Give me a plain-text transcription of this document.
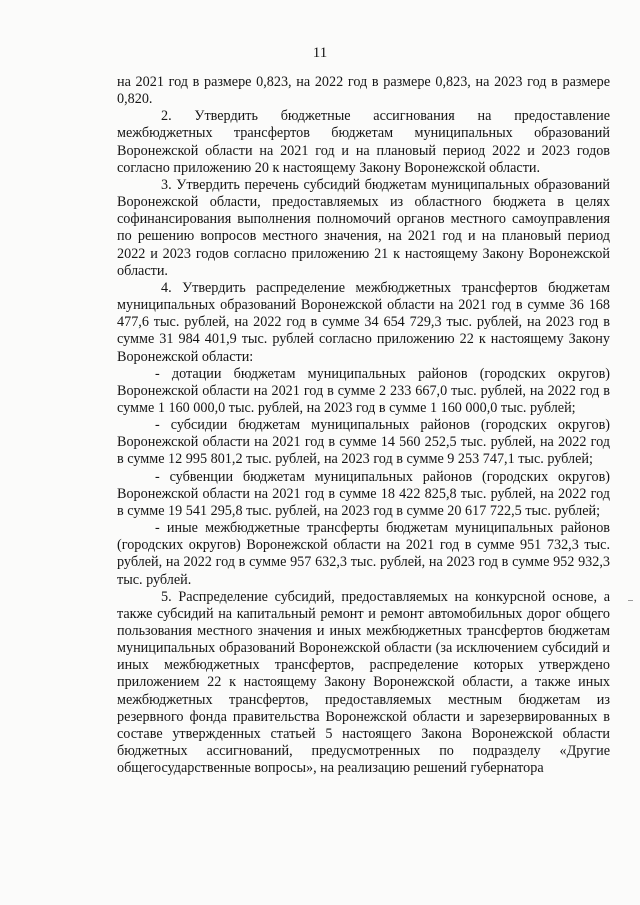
11

на 2021 год в размере 0,823, на 2022 год в размере 0,823, на 2023 год в размере 0,820.

2. Утвердить бюджетные ассигнования на предоставление межбюджетных трансфертов бюджетам муниципальных образований Воронежской области на 2021 год и на плановый период 2022 и 2023 годов согласно приложению 20 к настоящему Закону Воронежской области.

3. Утвердить перечень субсидий бюджетам муниципальных образований Воронежской области, предоставляемых из областного бюджета в целях софинансирования выполнения полномочий органов местного самоуправления по решению вопросов местного значения, на 2021 год и на плановый период 2022 и 2023 годов согласно приложению 21 к настоящему Закону Воронежской области.

4. Утвердить распределение межбюджетных трансфертов бюджетам муниципальных образований Воронежской области на 2021 год в сумме 36 168 477,6 тыс. рублей, на 2022 год в сумме 34 654 729,3 тыс. рублей, на 2023 год в сумме 31 984 401,9 тыс. рублей согласно приложению 22 к настоящему Закону Воронежской области:

- дотации бюджетам муниципальных районов (городских округов) Воронежской области на 2021 год в сумме 2 233 667,0 тыс. рублей, на 2022 год в сумме 1 160 000,0 тыс. рублей, на 2023 год в сумме 1 160 000,0 тыс. рублей;

- субсидии бюджетам муниципальных районов (городских округов) Воронежской области на 2021 год в сумме 14 560 252,5 тыс. рублей, на 2022 год в сумме 12 995 801,2 тыс. рублей, на 2023 год в сумме 9 253 747,1 тыс. рублей;

- субвенции бюджетам муниципальных районов (городских округов) Воронежской области на 2021 год в сумме 18 422 825,8 тыс. рублей, на 2022 год в сумме 19 541 295,8 тыс. рублей, на 2023 год в сумме 20 617 722,5 тыс. рублей;

- иные межбюджетные трансферты бюджетам муниципальных районов (городских округов) Воронежской области на 2021 год в сумме 951 732,3 тыс. рублей, на 2022 год в сумме 957 632,3 тыс. рублей, на 2023 год в сумме 952 932,3 тыс. рублей.

5. Распределение субсидий, предоставляемых на конкурсной основе, а также субсидий на капитальный ремонт и ремонт автомобильных дорог общего пользования местного значения и иных межбюджетных трансфертов бюджетам муниципальных образований Воронежской области (за исключением субсидий и иных межбюджетных трансфертов, распределение которых утверждено приложением 22 к настоящему Закону Воронежской области, а также иных межбюджетных трансфертов, предоставляемых местным бюджетам из резервного фонда правительства Воронежской области и зарезервированных в составе утвержденных статьей 5 настоящего Закона Воронежской области бюджетных ассигнований, предусмотренных по подразделу «Другие общегосударственные вопросы», на реализацию решений губернатора
